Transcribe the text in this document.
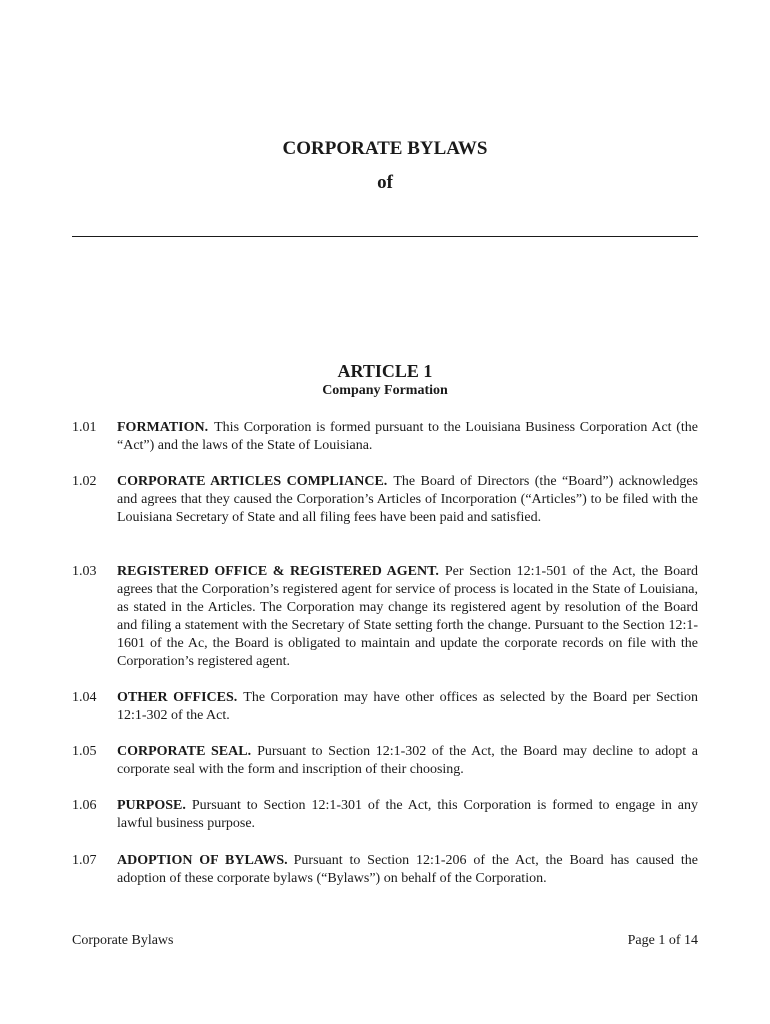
CORPORATE BYLAWS
of
ARTICLE 1
Company Formation
1.01 FORMATION. This Corporation is formed pursuant to the Louisiana Business Corporation Act (the “Act”) and the laws of the State of Louisiana.
1.02 CORPORATE ARTICLES COMPLIANCE. The Board of Directors (the “Board”) acknowledges and agrees that they caused the Corporation’s Articles of Incorporation (“Articles”) to be filed with the Louisiana Secretary of State and all filing fees have been paid and satisfied.
1.03 REGISTERED OFFICE & REGISTERED AGENT. Per Section 12:1-501 of the Act, the Board agrees that the Corporation’s registered agent for service of process is located in the State of Louisiana, as stated in the Articles. The Corporation may change its registered agent by resolution of the Board and filing a statement with the Secretary of State setting forth the change. Pursuant to the Section 12:1-1601 of the Ac, the Board is obligated to maintain and update the corporate records on file with the Corporation’s registered agent.
1.04 OTHER OFFICES. The Corporation may have other offices as selected by the Board per Section 12:1-302 of the Act.
1.05 CORPORATE SEAL. Pursuant to Section 12:1-302 of the Act, the Board may decline to adopt a corporate seal with the form and inscription of their choosing.
1.06 PURPOSE. Pursuant to Section 12:1-301 of the Act, this Corporation is formed to engage in any lawful business purpose.
1.07 ADOPTION OF BYLAWS. Pursuant to Section 12:1-206 of the Act, the Board has caused the adoption of these corporate bylaws (“Bylaws”) on behalf of the Corporation.
Corporate Bylaws	Page 1 of 14
